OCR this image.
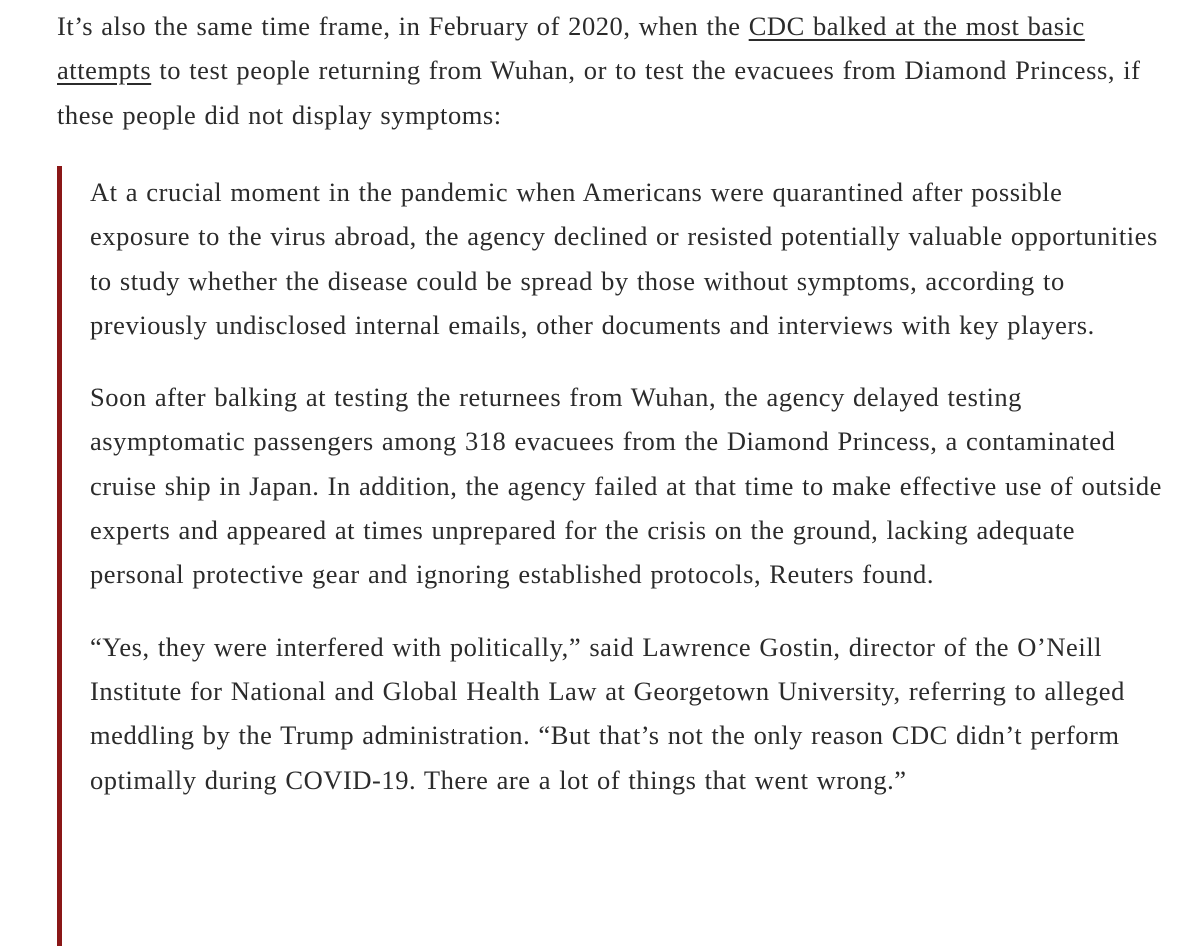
It’s also the same time frame, in February of 2020, when the CDC balked at the most basic attempts to test people returning from Wuhan, or to test the evacuees from Diamond Princess, if these people did not display symptoms:

At a crucial moment in the pandemic when Americans were quarantined after possible exposure to the virus abroad, the agency declined or resisted potentially valuable opportunities to study whether the disease could be spread by those without symptoms, according to previously undisclosed internal emails, other documents and interviews with key players.

Soon after balking at testing the returnees from Wuhan, the agency delayed testing asymptomatic passengers among 318 evacuees from the Diamond Princess, a contaminated cruise ship in Japan. In addition, the agency failed at that time to make effective use of outside experts and appeared at times unprepared for the crisis on the ground, lacking adequate personal protective gear and ignoring established protocols, Reuters found.

“Yes, they were interfered with politically,” said Lawrence Gostin, director of the O’Neill Institute for National and Global Health Law at Georgetown University, referring to alleged meddling by the Trump administration. “But that’s not the only reason CDC didn’t perform optimally during COVID-19. There are a lot of things that went wrong.”
